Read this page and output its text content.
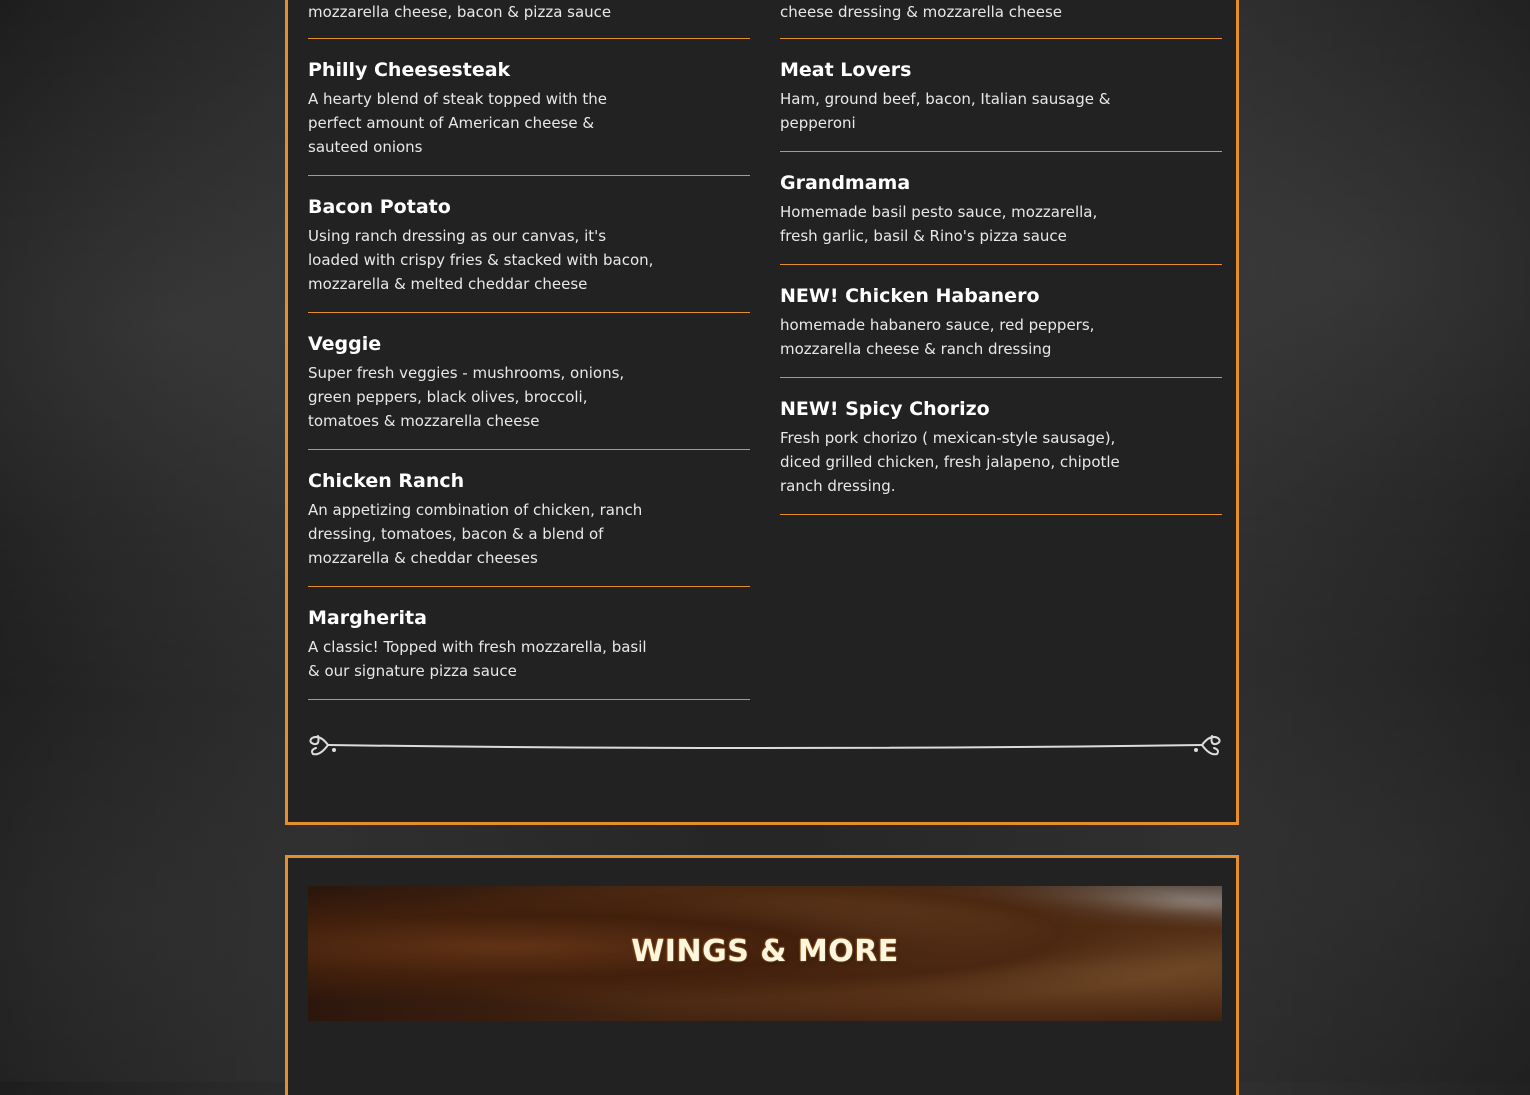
mozzarella cheese, bacon & pizza sauce
Philly Cheesesteak
A hearty blend of steak topped with the perfect amount of American cheese & sauteed onions
Bacon Potato
Using ranch dressing as our canvas, it's loaded with crispy fries & stacked with bacon, mozzarella & melted cheddar cheese
Veggie
Super fresh veggies - mushrooms, onions, green peppers, black olives, broccoli, tomatoes & mozzarella cheese
Chicken Ranch
An appetizing combination of chicken, ranch dressing, tomatoes, bacon & a blend of mozzarella & cheddar cheeses
Margherita
A classic! Topped with fresh mozzarella, basil & our signature pizza sauce
cheese dressing & mozzarella cheese
Meat Lovers
Ham, ground beef, bacon, Italian sausage & pepperoni
Grandmama
Homemade basil pesto sauce, mozzarella, fresh garlic, basil & Rino's pizza sauce
NEW! Chicken Habanero
homemade habanero sauce, red peppers, mozzarella cheese & ranch dressing
NEW! Spicy Chorizo
Fresh pork chorizo ( mexican-style sausage), diced grilled chicken, fresh jalapeno, chipotle ranch dressing.
WINGS & MORE
